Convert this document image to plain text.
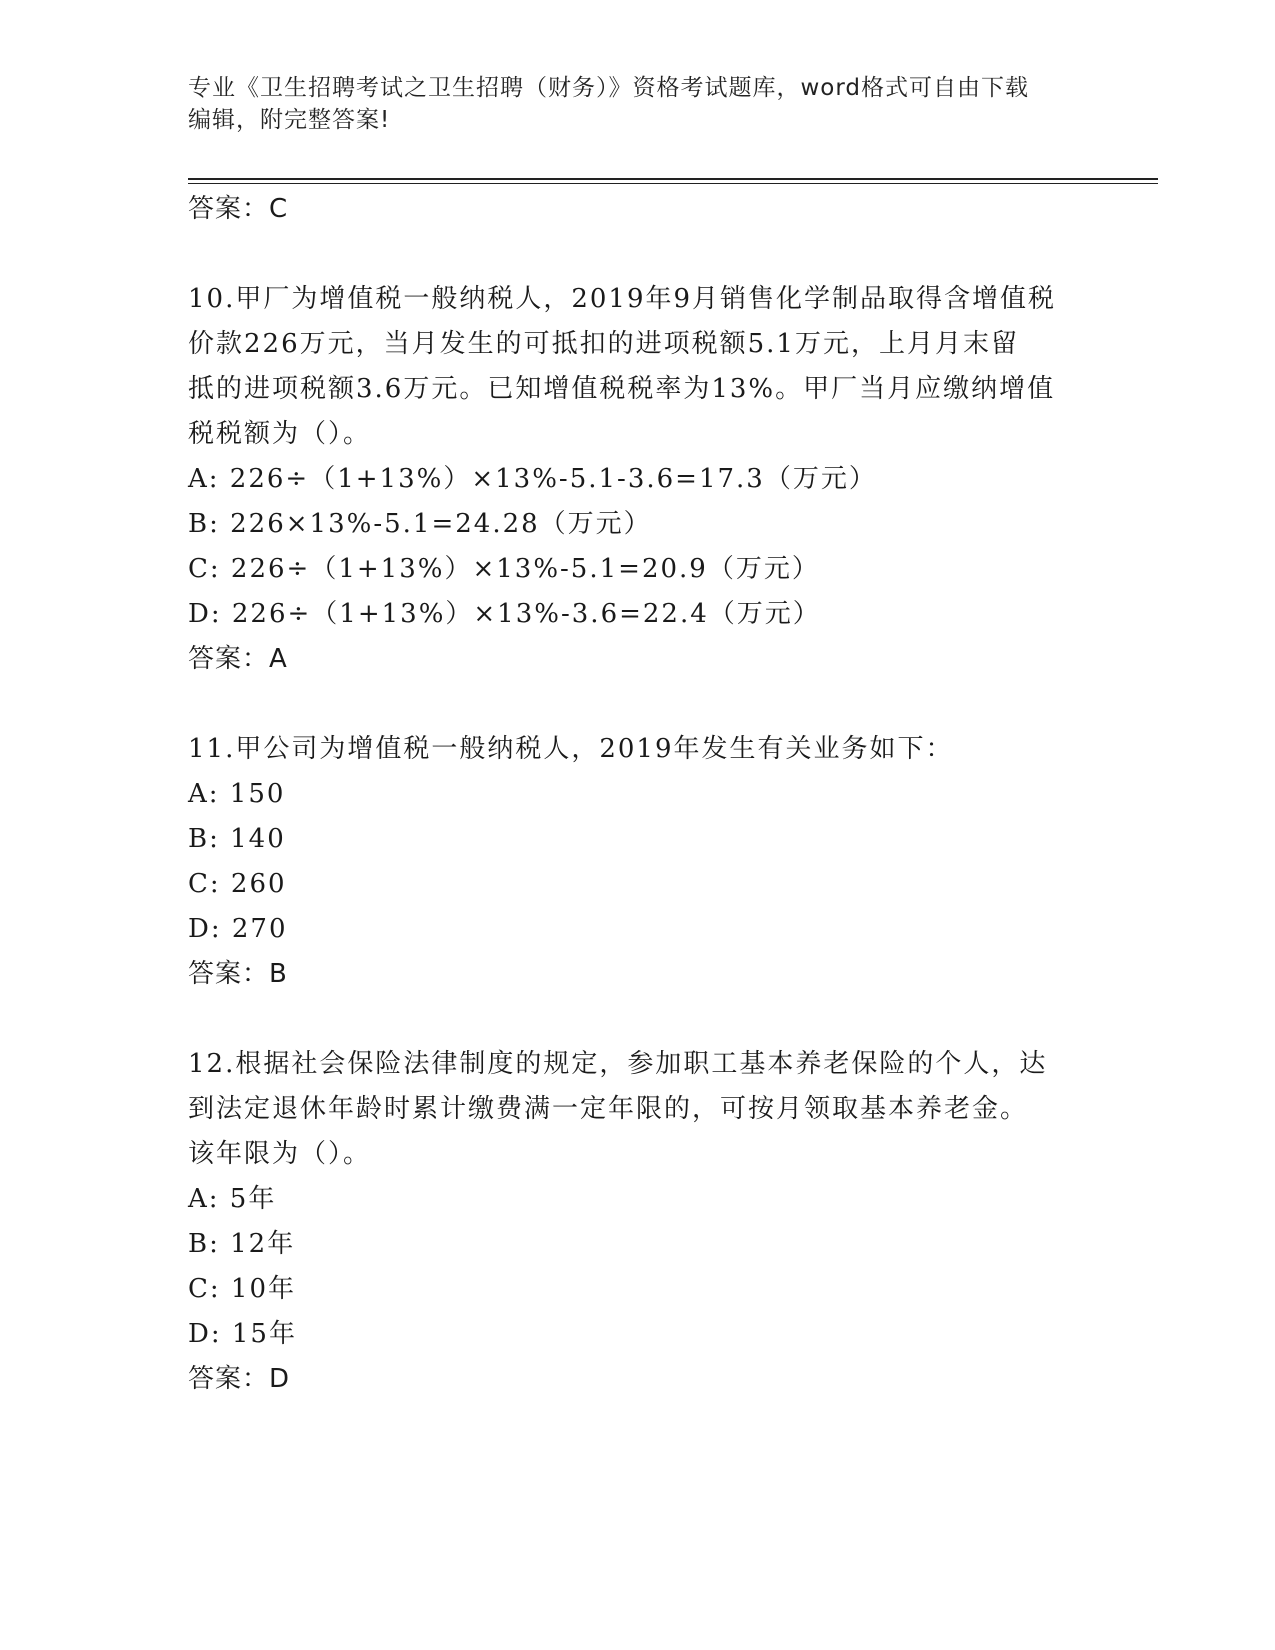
专业《卫生招聘考试之卫生招聘（财务）》资格考试题库，word格式可自由下载
编辑，附完整答案!
答案：C
10.甲厂为增值税一般纳税人，2019年9月销售化学制品取得含增值税
价款226万元，当月发生的可抵扣的进项税额5.1万元，上月月末留
抵的进项税额3.6万元。已知增值税税率为13%。甲厂当月应缴纳增值
税税额为（）。
A: 226÷（1+13%）×13%-5.1-3.6=17.3（万元）
B: 226×13%-5.1=24.28（万元）
C: 226÷（1+13%）×13%-5.1=20.9（万元）
D: 226÷（1+13%）×13%-3.6=22.4（万元）
答案：A
11.甲公司为增值税一般纳税人，2019年发生有关业务如下：
A: 150
B: 140
C: 260
D: 270
答案：B
12.根据社会保险法律制度的规定，参加职工基本养老保险的个人，达
到法定退休年龄时累计缴费满一定年限的，可按月领取基本养老金。
该年限为（）。
A: 5年
B: 12年
C: 10年
D: 15年
答案：D
